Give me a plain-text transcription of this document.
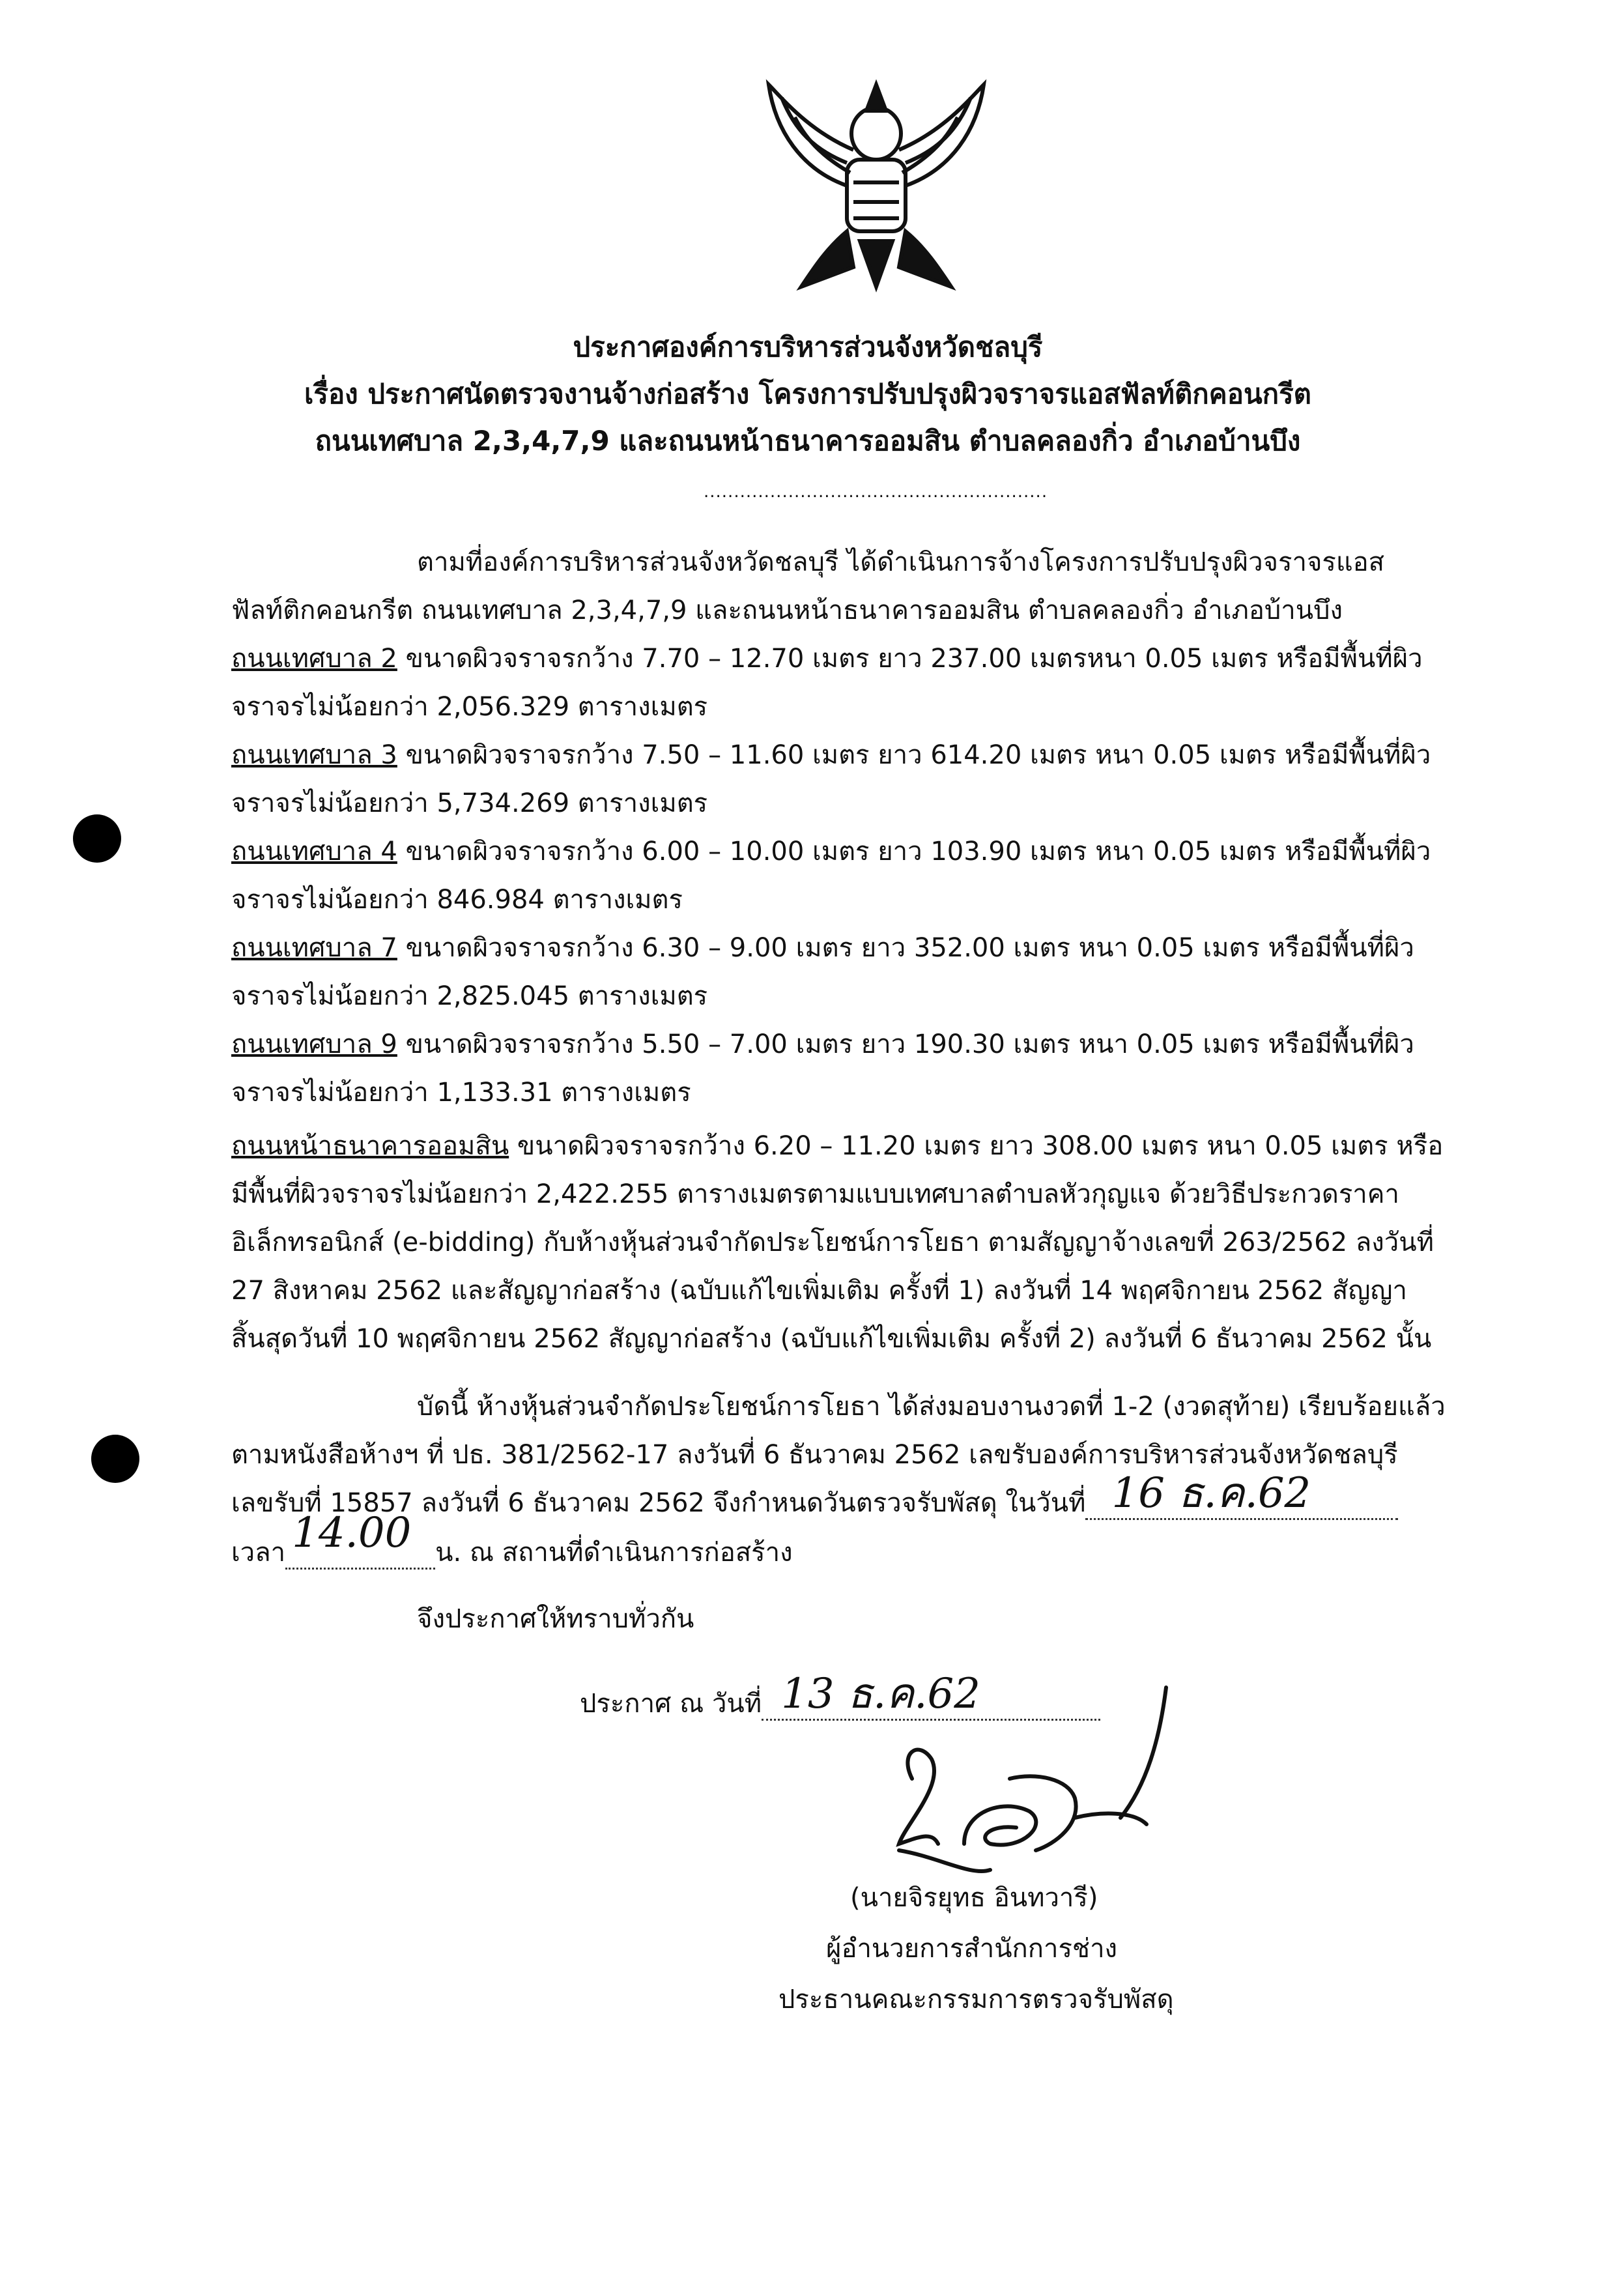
ประกาศองค์การบริหารส่วนจังหวัดชลบุรี
เรื่อง ประกาศนัดตรวจงานจ้างก่อสร้าง โครงการปรับปรุงผิวจราจรแอสฟัลท์ติกคอนกรีต
ถนนเทศบาล 2,3,4,7,9 และถนนหน้าธนาคารออมสิน ตำบลคลองกิ่ว อำเภอบ้านบึง
.........................................................
ตามที่องค์การบริหารส่วนจังหวัดชลบุรี ได้ดำเนินการจ้างโครงการปรับปรุงผิวจราจรแอส
ฟัลท์ติกคอนกรีต ถนนเทศบาล 2,3,4,7,9 และถนนหน้าธนาคารออมสิน ตำบลคลองกิ่ว อำเภอบ้านบึง
ถนนเทศบาล 2 ขนาดผิวจราจรกว้าง 7.70 – 12.70 เมตร ยาว 237.00 เมตรหนา 0.05 เมตร หรือมีพื้นที่ผิว
จราจรไม่น้อยกว่า 2,056.329 ตารางเมตร
ถนนเทศบาล 3 ขนาดผิวจราจรกว้าง 7.50 – 11.60 เมตร ยาว 614.20 เมตร หนา 0.05 เมตร หรือมีพื้นที่ผิว
จราจรไม่น้อยกว่า 5,734.269 ตารางเมตร
ถนนเทศบาล 4 ขนาดผิวจราจรกว้าง 6.00 – 10.00 เมตร ยาว 103.90 เมตร หนา 0.05 เมตร หรือมีพื้นที่ผิว
จราจรไม่น้อยกว่า 846.984 ตารางเมตร
ถนนเทศบาล 7 ขนาดผิวจราจรกว้าง 6.30 – 9.00 เมตร ยาว 352.00 เมตร หนา 0.05 เมตร หรือมีพื้นที่ผิว
จราจรไม่น้อยกว่า 2,825.045 ตารางเมตร
ถนนเทศบาล 9 ขนาดผิวจราจรกว้าง 5.50 – 7.00 เมตร ยาว 190.30 เมตร หนา 0.05 เมตร หรือมีพื้นที่ผิว
จราจรไม่น้อยกว่า 1,133.31 ตารางเมตร
ถนนหน้าธนาคารออมสิน ขนาดผิวจราจรกว้าง 6.20 – 11.20 เมตร ยาว 308.00 เมตร หนา 0.05 เมตร หรือ
มีพื้นที่ผิวจราจรไม่น้อยกว่า 2,422.255 ตารางเมตรตามแบบเทศบาลตำบลหัวกุญแจ ด้วยวิธีประกวดราคา
อิเล็กทรอนิกส์ (e-bidding) กับห้างหุ้นส่วนจำกัดประโยชน์การโยธา ตามสัญญาจ้างเลขที่ 263/2562 ลงวันที่
27 สิงหาคม 2562 และสัญญาก่อสร้าง (ฉบับแก้ไขเพิ่มเติม ครั้งที่ 1) ลงวันที่ 14 พฤศจิกายน 2562 สัญญา
สิ้นสุดวันที่ 10 พฤศจิกายน 2562 สัญญาก่อสร้าง (ฉบับแก้ไขเพิ่มเติม ครั้งที่ 2) ลงวันที่ 6 ธันวาคม 2562 นั้น
บัดนี้ ห้างหุ้นส่วนจำกัดประโยชน์การโยธา ได้ส่งมอบงานงวดที่ 1-2 (งวดสุท้าย) เรียบร้อยแล้ว
ตามหนังสือห้างฯ ที่ ปธ. 381/2562-17 ลงวันที่ 6 ธันวาคม 2562 เลขรับองค์การบริหารส่วนจังหวัดชลบุรี
เลขรับที่ 15857 ลงวันที่ 6 ธันวาคม 2562 จึงกำหนดวันตรวจรับพัสดุ ในวันที่ 16 ธ.ค.62

เวลา 14.00 น. ณ สถานที่ดำเนินการก่อสร้าง
จึงประกาศให้ทราบทั่วกัน
ประกาศ ณ วันที่ 13 ธ.ค.62

(นายจิรยุทธ อินทวารี)
ผู้อำนวยการสำนักการช่าง
ประธานคณะกรรมการตรวจรับพัสดุ
